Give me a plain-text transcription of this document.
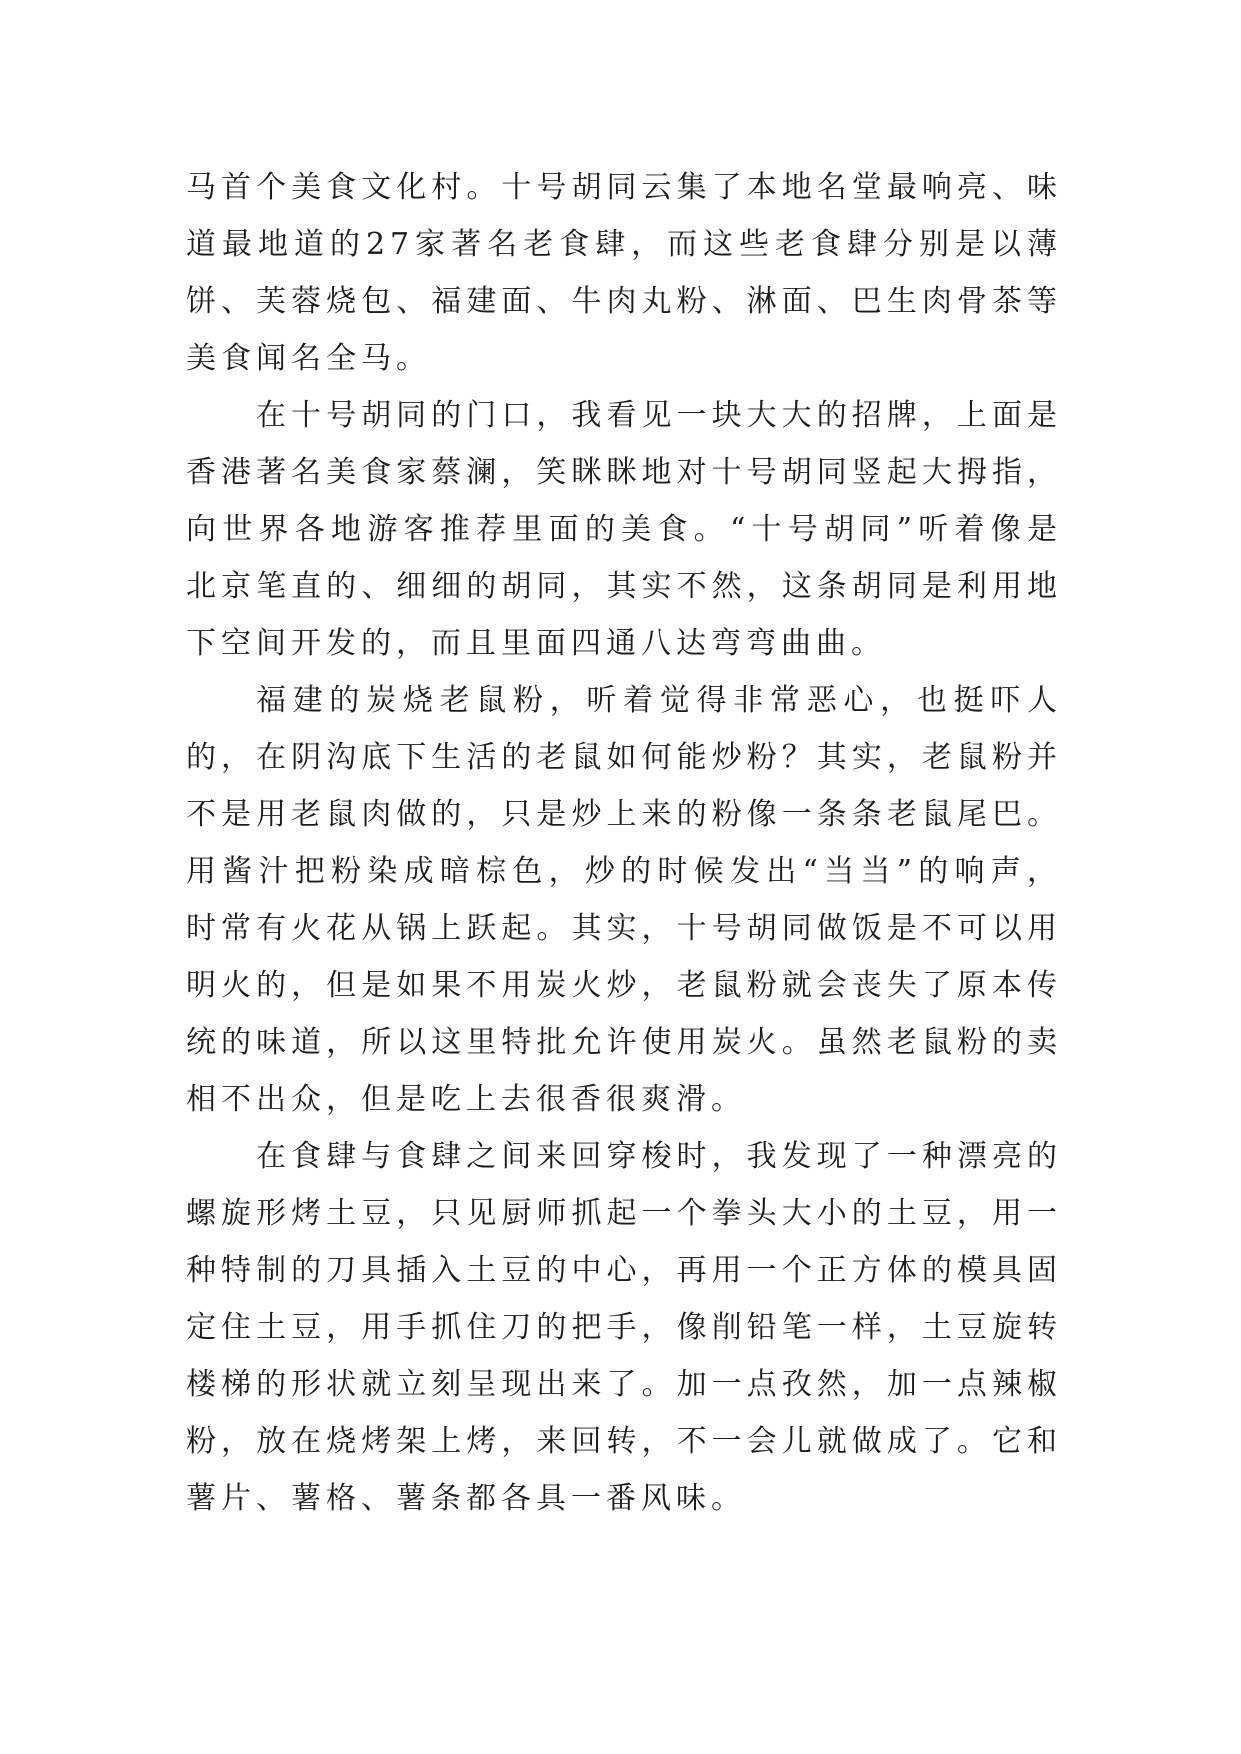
马首个美食文化村。十号胡同云集了本地名堂最响亮、味道最地道的27家著名老食肆，而这些老食肆分别是以薄饼、芙蓉烧包、福建面、牛肉丸粉、淋面、巴生肉骨茶等美食闻名全马。

在十号胡同的门口，我看见一块大大的招牌，上面是香港著名美食家蔡澜，笑眯眯地对十号胡同竖起大拇指，向世界各地游客推荐里面的美食。“十号胡同”听着像是北京笔直的、细细的胡同，其实不然，这条胡同是利用地下空间开发的，而且里面四通八达弯弯曲曲。

福建的炭烧老鼠粉，听着觉得非常恶心，也挺吓人的，在阴沟底下生活的老鼠如何能炒粉？其实，老鼠粉并不是用老鼠肉做的，只是炒上来的粉像一条条老鼠尾巴。用酱汁把粉染成暗棕色，炒的时候发出“当当”的响声，时常有火花从锅上跃起。其实，十号胡同做饭是不可以用明火的，但是如果不用炭火炒，老鼠粉就会丧失了原本传统的味道，所以这里特批允许使用炭火。虽然老鼠粉的卖相不出众，但是吃上去很香很爽滑。

在食肆与食肆之间来回穿梭时，我发现了一种漂亮的螺旋形烤土豆，只见厨师抓起一个拳头大小的土豆，用一种特制的刀具插入土豆的中心，再用一个正方体的模具固定住土豆，用手抓住刀的把手，像削铅笔一样，土豆旋转楼梯的形状就立刻呈现出来了。加一点孜然，加一点辣椒粉，放在烧烤架上烤，来回转，不一会儿就做成了。它和薯片、薯格、薯条都各具一番风味。
